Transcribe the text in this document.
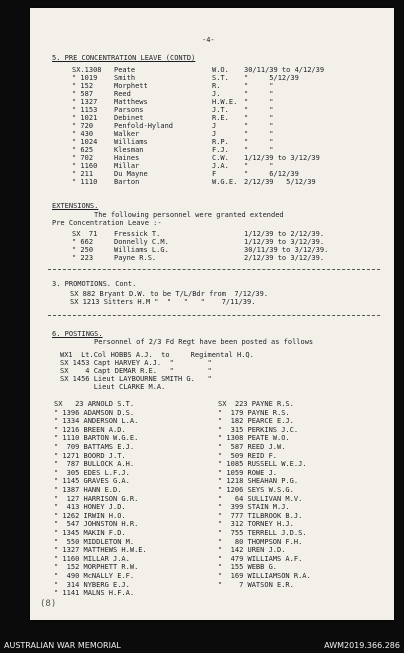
-4-
5. PRE CONCENTRATION LEAVE (CONTD)
SX.1308 Peate	W.O. 30/11/39 to 4/12/39
" 1019 Smith	S.T. "     5/12/39
" 152	Morphett	R.	"     "
" 587	Reed	J.	"     "
" 1327 Matthews	H.W.E. "     "
" 1153 Parsons	J.T. "     "
" 1021 Debinet	R.E. "     "
" 720	Penfold-Hyland	J	"     "
" 430	Walker	J	"     "
" 1024 Williams	R.P. "     "
" 625	Klesman	F.J. "     "
" 702	Haines	C.W. 1/12/39 to 3/12/39
" 1160 Millar	J.A. "     "
" 211	Du Mayne	F	"     6/12/39
" 1110 Barton	W.G.E. 2/12/39   5/12/39
EXTENSIONS.
The following personnel were granted extended
Pre Concentration Leave :-
SX  71 Fressick T.	1/12/39 to 2/12/39.
" 662	Donnelly C.M.	1/12/39 to 3/12/39.
" 250	Williams L.G.	30/11/39 to 3/12/39.
" 223	Payne R.S.	2/12/39 to 3/12/39.
3. PROMOTIONS. Cont.
SX 882 Bryant D.W. to be T/L/Bdr from  7/12/39.
SX 1213 Sitters H.M "  "   "   "    7/11/39.
6. POSTINGS.
Personnel of 2/3 Fd Regt have been posted as follows
WX1  Lt.Col HOBBS A.J.  to     Regimental H.Q.
SX 1453 Capt HARVEY A.J.  "        "
SX    4 Capt DEMAR R.E.   "        "
SX 1456 Lieut LAYBOURNE SMITH G.   "
Lieut CLARKE M.A.
SX   23 ARNOLD S.T.
" 1396 ADAMSON D.S.
" 1334 ANDERSON L.A.
" 1216 BREEN A.D.
" 1110 BARTON W.G.E.
"  709 BATTAMS E.J.
" 1271 BOORD J.T.
"  787 BULLOCK A.H.
"  305 EDES L.F.J.
" 1145 GRAVES G.A.
" 1387 HANN E.D.
"  127 HARRISON G.R.
"  413 HONEY J.D.
" 1262 IRWIN H.O.
"  547 JOHNSTON H.R.
" 1345 MAKIN F.D.
"  550 MIDDLETON M.
" 1327 MATTHEWS H.W.E.
" 1160 MILLAR J.A.
"  152 MORPHETT R.W.
"  490 McNALLY E.F.
"  314 NYBERG E.J.
" 1141 MALNS H.F.A.
SX  223 PAYNE R.S.
"  179 PAYNE R.S.
"  182 PEARCE E.J.
"  315 PERKINS J.C.
" 1308 PEATE W.O.
"  587 REED J.W.
"  509 REID F.
" 1085 RUSSELL W.E.J.
" 1059 ROWE J.
" 1218 SHEAHAN P.G.
" 1206 SEYS W.S.G.
"   64 SULLIVAN M.V.
"  399 STAIN M.J.
"  777 TILBROOK B.J.
"  312 TORNEY H.J.
"  755 TERRELL J.D.S.
"   80 THOMPSON F.H.
"  142 UREN J.D.
"  479 WILLIAMS A.F.
"  155 WEBB G.
"  169 WILLIAMSON R.A.
"    7 WATSON E.R.
(8)
AUSTRALIAN WAR MEMORIAL	AWM2019.366.286
